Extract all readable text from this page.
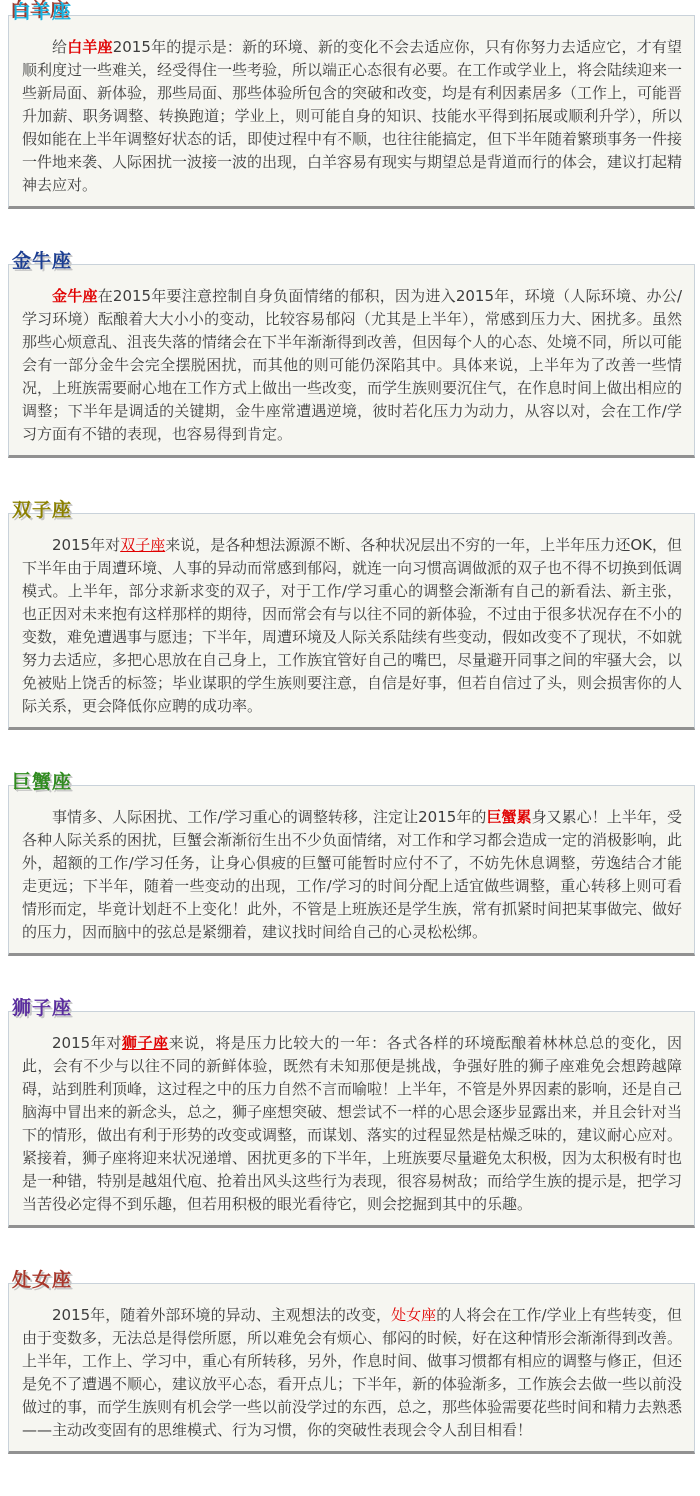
白羊座

给白羊座2015年的提示是：新的环境、新的变化不会去适应你，只有你努力去适应它，才有望顺利度过一些难关，经受得住一些考验，所以端正心态很有必要。在工作或学业上，将会陆续迎来一些新局面、新体验，那些局面、那些体验所包含的突破和改变，均是有利因素居多（工作上，可能晋升加薪、职务调整、转换跑道；学业上，则可能自身的知识、技能水平得到拓展或顺利升学），所以假如能在上半年调整好状态的话，即使过程中有不顺，也往往能搞定，但下半年随着繁琐事务一件接一件地来袭、人际困扰一波接一波的出现，白羊容易有现实与期望总是背道而行的体会，建议打起精神去应对。

金牛座

金牛座在2015年要注意控制自身负面情绪的郁积，因为进入2015年，环境（人际环境、办公/学习环境）酝酿着大大小小的变动，比较容易郁闷（尤其是上半年），常感到压力大、困扰多。虽然那些心烦意乱、沮丧失落的情绪会在下半年渐渐得到改善，但因每个人的心态、处境不同，所以可能会有一部分金牛会完全摆脱困扰，而其他的则可能仍深陷其中。具体来说，上半年为了改善一些情况，上班族需要耐心地在工作方式上做出一些改变，而学生族则要沉住气，在作息时间上做出相应的调整；下半年是调适的关键期，金牛座常遭遇逆境，彼时若化压力为动力，从容以对，会在工作/学习方面有不错的表现，也容易得到肯定。

双子座

2015年对双子座来说，是各种想法源源不断、各种状况层出不穷的一年，上半年压力还OK，但下半年由于周遭环境、人事的异动而常感到郁闷，就连一向习惯高调做派的双子也不得不切换到低调模式。上半年，部分求新求变的双子，对于工作/学习重心的调整会渐渐有自己的新看法、新主张，也正因对未来抱有这样那样的期待，因而常会有与以往不同的新体验，不过由于很多状况存在不小的变数，难免遭遇事与愿违；下半年，周遭环境及人际关系陆续有些变动，假如改变不了现状，不如就努力去适应，多把心思放在自己身上，工作族宜管好自己的嘴巴，尽量避开同事之间的牢骚大会，以免被贴上饶舌的标签；毕业谋职的学生族则要注意，自信是好事，但若自信过了头，则会损害你的人际关系，更会降低你应聘的成功率。

巨蟹座

事情多、人际困扰、工作/学习重心的调整转移，注定让2015年的巨蟹累身又累心！上半年，受各种人际关系的困扰，巨蟹会渐渐衍生出不少负面情绪，对工作和学习都会造成一定的消极影响，此外，超额的工作/学习任务，让身心俱疲的巨蟹可能暂时应付不了，不妨先休息调整，劳逸结合才能走更远；下半年，随着一些变动的出现，工作/学习的时间分配上适宜做些调整，重心转移上则可看情形而定，毕竟计划赶不上变化！此外，不管是上班族还是学生族，常有抓紧时间把某事做完、做好的压力，因而脑中的弦总是紧绷着，建议找时间给自己的心灵松松绑。

狮子座

2015年对狮子座来说，将是压力比较大的一年：各式各样的环境酝酿着林林总总的变化，因此，会有不少与以往不同的新鲜体验，既然有未知那便是挑战，争强好胜的狮子座难免会想跨越障碍，站到胜利顶峰，这过程之中的压力自然不言而喻啦！上半年，不管是外界因素的影响，还是自己脑海中冒出来的新念头，总之，狮子座想突破、想尝试不一样的心思会逐步显露出来，并且会针对当下的情形，做出有利于形势的改变或调整，而谋划、落实的过程显然是枯燥乏味的，建议耐心应对。紧接着，狮子座将迎来状况递增、困扰更多的下半年，上班族要尽量避免太积极，因为太积极有时也是一种错，特别是越俎代庖、抢着出风头这些行为表现，很容易树敌；而给学生族的提示是，把学习当苦役必定得不到乐趣，但若用积极的眼光看待它，则会挖掘到其中的乐趣。

处女座

2015年，随着外部环境的异动、主观想法的改变，处女座的人将会在工作/学业上有些转变，但由于变数多，无法总是得偿所愿，所以难免会有烦心、郁闷的时候，好在这种情形会渐渐得到改善。上半年，工作上、学习中，重心有所转移，另外，作息时间、做事习惯都有相应的调整与修正，但还是免不了遭遇不顺心，建议放平心态，看开点儿；下半年，新的体验渐多，工作族会去做一些以前没做过的事，而学生族则有机会学一些以前没学过的东西，总之，那些体验需要花些时间和精力去熟悉——主动改变固有的思维模式、行为习惯，你的突破性表现会令人刮目相看！
